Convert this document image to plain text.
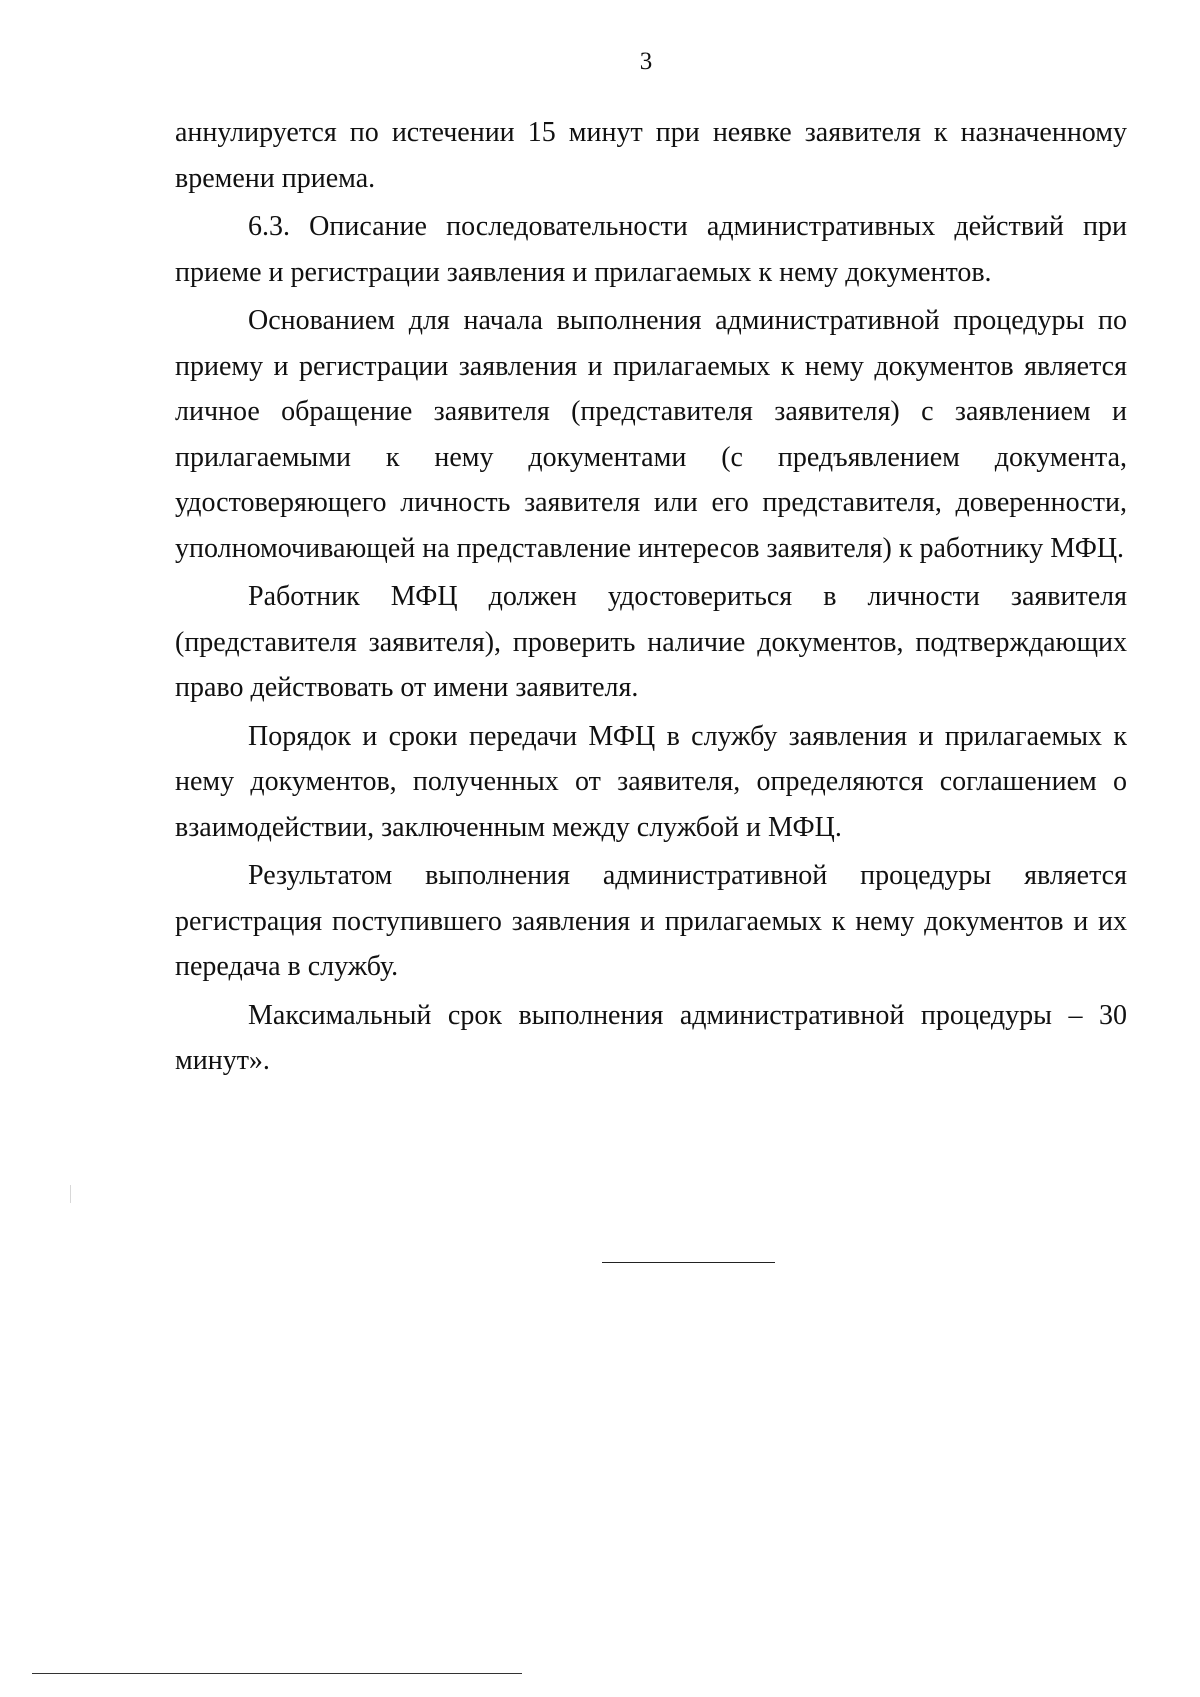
3

аннулируется по истечении 15 минут при неявке заявителя к назначенному времени приема.

6.3. Описание последовательности административных действий при приеме и регистрации заявления и прилагаемых к нему документов.

Основанием для начала выполнения административной процедуры по приему и регистрации заявления и прилагаемых к нему документов является личное обращение заявителя (представителя заявителя) с заявлением и прилагаемыми к нему документами (с предъявлением документа, удостоверяющего личность заявителя или его представителя, доверенности, уполномочивающей на представление интересов заявителя) к работнику МФЦ.

Работник МФЦ должен удостовериться в личности заявителя (представителя заявителя), проверить наличие документов, подтверждающих право действовать от имени заявителя.

Порядок и сроки передачи МФЦ в службу заявления и прилагаемых к нему документов, полученных от заявителя, определяются соглашением о взаимодействии, заключенным между службой и МФЦ.

Результатом выполнения административной процедуры является регистрация поступившего заявления и прилагаемых к нему документов и их передача в службу.

Максимальный срок выполнения административной процедуры – 30 минут».
